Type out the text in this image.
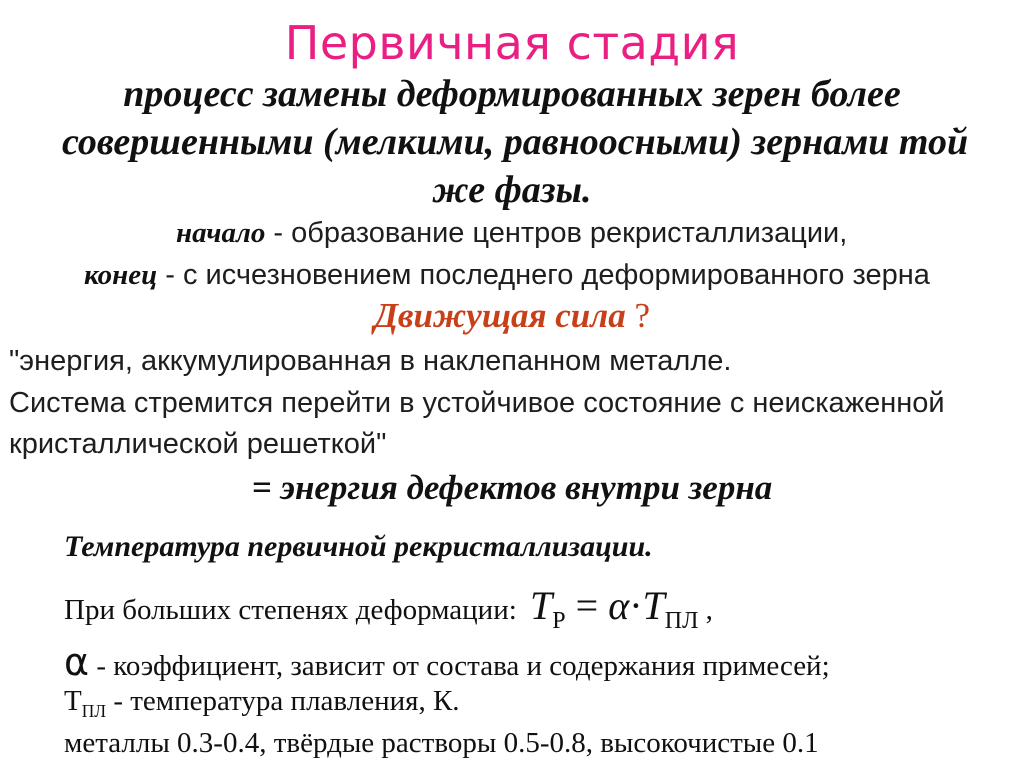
Первичная стадия
процесс замены деформированных зерен более
совершенными (мелкими, равноосными) зернами той
же фазы.
начало - образование центров рекристаллизации,
конец - с исчезновением последнего деформированного зерна
Движущая сила ?
"энергия, аккумулированная в наклепанном металле.
Система стремится перейти в устойчивое состояние с неискаженной
кристаллической решеткой"
= энергия дефектов внутри зерна
Температура первичной рекристаллизации.
При больших степенях деформации: $T_Р = \alpha\cdot T_{ПЛ}$ ,
α - коэффициент, зависит от состава и содержания примесей;
$T_{ПЛ}$ - температура плавления, К.
металлы 0.3-0.4, твёрдые растворы 0.5-0.8, высокочистые 0.1
